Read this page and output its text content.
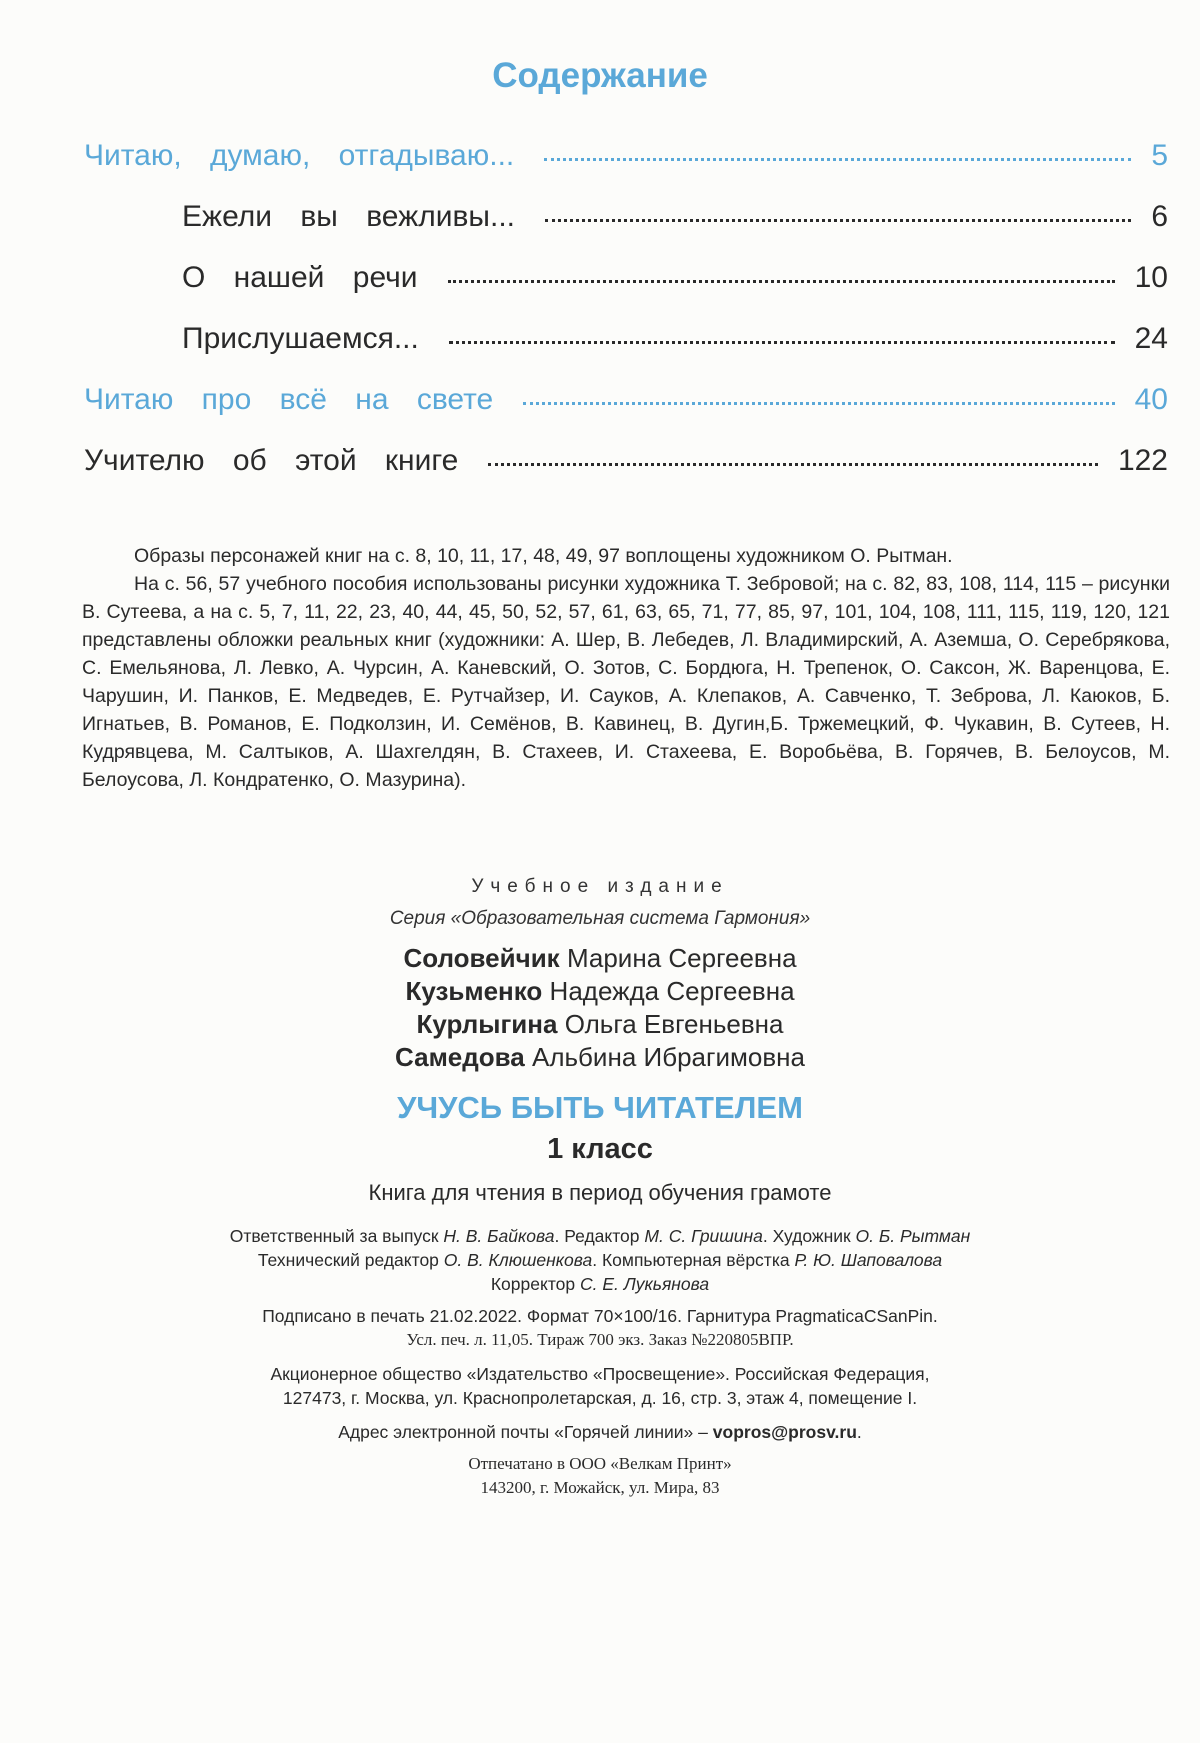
Содержание
Читаю, думаю, отгадываю...	5
Ежели вы вежливы...	6
О нашей речи	10
Прислушаемся...	24
Читаю про всё на свете	40
Учителю об этой книге	122

Образы персонажей книг на с. 8, 10, 11, 17, 48, 49, 97 воплощены художником О. Рытман.

На с. 56, 57 учебного пособия использованы рисунки художника Т. Зебровой; на с. 82, 83, 108, 114, 115 – рисунки В. Сутеева, а на с. 5, 7, 11, 22, 23, 40, 44, 45, 50, 52, 57, 61, 63, 65, 71, 77, 85, 97, 101, 104, 108, 111, 115, 119, 120, 121 представлены обложки реальных книг (художники: А. Шер, В. Лебедев, Л. Владимирский, А. Аземша, О. Серебрякова, С. Емельянова, Л. Левко, А. Чурсин, А. Каневский, О. Зотов, С. Бордюга, Н. Трепенок, О. Саксон, Ж. Варенцова, Е. Чарушин, И. Панков, Е. Медведев, Е. Рутчайзер, И. Сауков, А. Клепаков, А. Савченко, Т. Зеброва, Л. Каюков, Б. Игнатьев, В. Романов, Е. Подколзин, И. Семёнов, В. Кавинец, В. Дугин,Б. Тржемецкий, Ф. Чукавин, В. Сутеев, Н. Кудрявцева, М. Салтыков, А. Шахгелдян, В. Стахеев, И. Стахеева, Е. Воробьёва, В. Горячев, В. Белоусов, М. Белоусова, Л. Кондратенко, О. Мазурина).

Учебное издание

Серия «Образовательная система Гармония»

Соловейчик Марина Сергеевна

Кузьменко Надежда Сергеевна

Курлыгина Ольга Евгеньевна

Самедова Альбина Ибрагимовна

УЧУСЬ БЫТЬ ЧИТАТЕЛЕМ

1 класс

Книга для чтения в период обучения грамоте

Ответственный за выпуск Н. В. Байкова. Редактор М. С. Гришина. Художник О. Б. Рытман

Технический редактор О. В. Клюшенкова. Компьютерная вёрстка Р. Ю. Шаповалова

Корректор С. Е. Лукьянова

Подписано в печать 21.02.2022. Формат 70×100/16. Гарнитура PragmaticaCSanPin.

Усл. печ. л. 11,05. Тираж 700 экз. Заказ №220805ВПР.

Акционерное общество «Издательство «Просвещение». Российская Федерация,

127473, г. Москва, ул. Краснопролетарская, д. 16, стр. 3, этаж 4, помещение I.

Адрес электронной почты «Горячей линии» – vopros@prosv.ru.

Отпечатано в ООО «Велкам Принт»

143200, г. Можайск, ул. Мира, 83
